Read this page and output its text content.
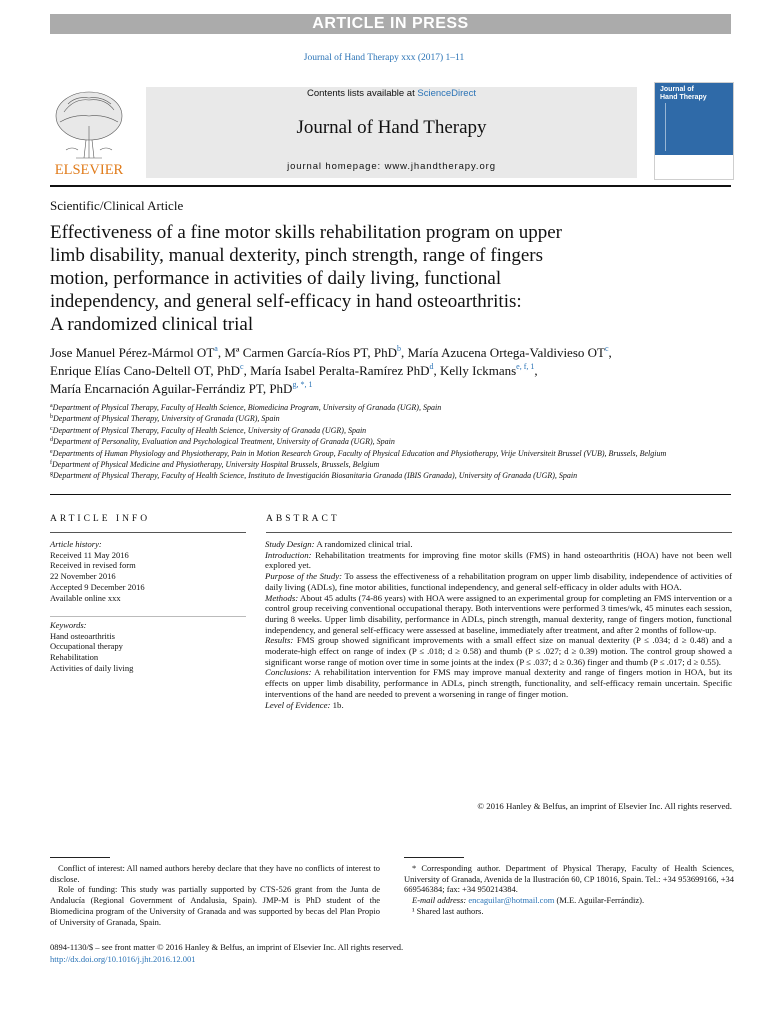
ARTICLE IN PRESS
Journal of Hand Therapy xxx (2017) 1–11
ELSEVIER
Contents lists available at ScienceDirect
Journal of Hand Therapy
journal homepage: www.jhandtherapy.org
Journal of Hand Therapy
Scientific/Clinical Article
Effectiveness of a fine motor skills rehabilitation program on upper
limb disability, manual dexterity, pinch strength, range of fingers
motion, performance in activities of daily living, functional
independency, and general self-efficacy in hand osteoarthritis:
A randomized clinical trial
Jose Manuel Pérez-Mármol $OT^a$, Mª Carmen García-Ríos PT, PhD$^b$, María Azucena Ortega-Valdivieso $OT^c$,
Enrique Elías Cano-Deltell OT, PhD$^c$, María Isabel Peralta-Ramírez PhD$^d$, Kelly Ickmans$^{e, f, 1}$,
María Encarnación Aguilar-Ferrándiz PT, PhD$^{g, *, 1}$
$^a$Department of Physical Therapy, Faculty of Health Science, Biomedicina Program, University of Granada (UGR), Spain
$^b$Department of Physical Therapy, University of Granada (UGR), Spain
$^c$Department of Physical Therapy, Faculty of Health Science, University of Granada (UGR), Spain
$^d$Department of Personality, Evaluation and Psychological Treatment, University of Granada (UGR), Spain
$^e$Departments of Human Physiology and Physiotherapy, Pain in Motion Research Group, Faculty of Physical Education and Physiotherapy, Vrije Universiteit Brussel (VUB), Brussels, Belgium
$^f$Department of Physical Medicine and Physiotherapy, University Hospital Brussels, Brussels, Belgium
$^g$Department of Physical Therapy, Faculty of Health Science, Instituto de Investigación Biosanitaria Granada (IBIS Granada), University of Granada (UGR), Spain
ARTICLE INFO	ABSTRACT
Article history:
Received 11 May 2016
Received in revised form
22 November 2016
Accepted 9 December 2016
Available online xxx
Keywords:
Hand osteoarthritis
Occupational therapy
Rehabilitation
Activities of daily living

Study Design: A randomized clinical trial.

Introduction: Rehabilitation treatments for improving fine motor skills (FMS) in hand osteoarthritis (HOA) have not been well explored yet.

Purpose of the Study: To assess the effectiveness of a rehabilitation program on upper limb disability, independence of activities of daily living (ADLs), fine motor abilities, functional independency, and general self-efficacy in older adults with HOA.

Methods: About 45 adults (74-86 years) with HOA were assigned to an experimental group for completing an FMS intervention or a control group receiving conventional occupational therapy. Both interventions were performed 3 times/wk, 45 minutes each session, during 8 weeks. Upper limb disability, performance in ADLs, pinch strength, manual dexterity, range of fingers motion, functional independency, and general self-efficacy were assessed at baseline, immediately after treatment, and after 2 months of follow-up.

Results: FMS group showed significant improvements with a small effect size on manual dexterity (P ≤ .034; d ≥ 0.48) and a moderate-high effect on range of index (P ≤ .018; d ≥ 0.58) and thumb (P ≤ .027; d ≥ 0.39) motion. The control group showed a significant worse range of motion over time in some joints at the index (P ≤ .037; d ≥ 0.36) finger and thumb (P ≤ .017; d ≥ 0.55).

Conclusions: A rehabilitation intervention for FMS may improve manual dexterity and range of fingers motion in HOA, but its effects on upper limb disability, performance in ADLs, pinch strength, functionality, and self-efficacy remain uncertain. Specific interventions of the hand are needed to prevent a worsening in range of finger motion.

Level of Evidence: 1b.

© 2016 Hanley & Belfus, an imprint of Elsevier Inc. All rights reserved.

Conflict of interest: All named authors hereby declare that they have no conflicts of interest to disclose.

Role of funding: This study was partially supported by CTS-526 grant from the Junta de Andalucía (Regional Government of Andalusia, Spain). JMP-M is PhD student of the Biomedicina program of the University of Granada and was supported by becas del Plan Propio of University of Granada, Spain.

* Corresponding author. Department of Physical Therapy, Faculty of Health Sciences, University of Granada, Avenida de la Ilustración 60, CP 18016, Spain. Tel.: +34 953699166, +34 669546384; fax: +34 950214384.

E-mail address: encaguilar@hotmail.com (M.E. Aguilar-Ferrándiz).

¹ Shared last authors.

0894-1130/$ – see front matter © 2016 Hanley & Belfus, an imprint of Elsevier Inc. All rights reserved.
http://dx.doi.org/10.1016/j.jht.2016.12.001
